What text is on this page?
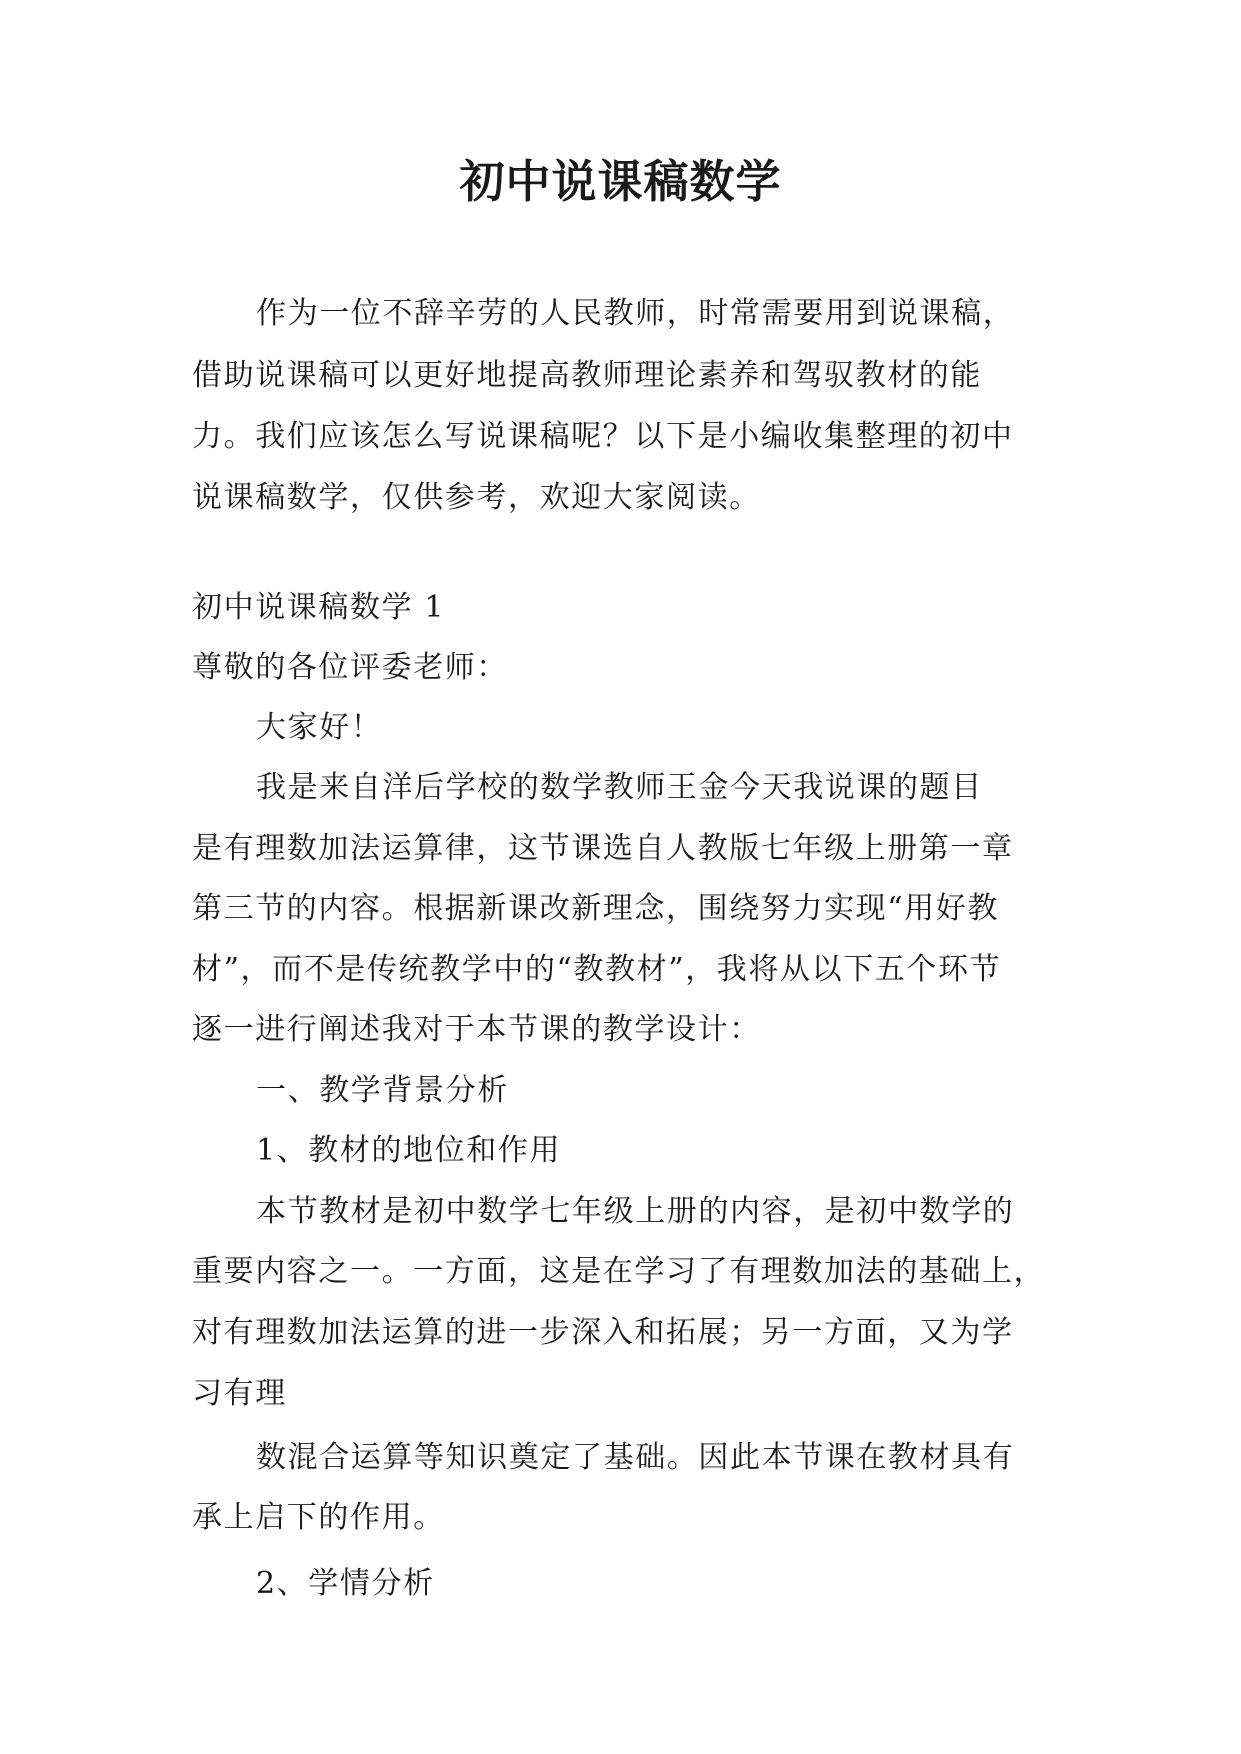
初中说课稿数学
作为一位不辞辛劳的人民教师，时常需要用到说课稿，
借助说课稿可以更好地提高教师理论素养和驾驭教材的能
力。我们应该怎么写说课稿呢？以下是小编收集整理的初中
说课稿数学，仅供参考，欢迎大家阅读。
初中说课稿数学 1
尊敬的各位评委老师：
大家好！
我是来自洋后学校的数学教师王金今天我说课的题目
是有理数加法运算律，这节课选自人教版七年级上册第一章
第三节的内容。根据新课改新理念，围绕努力实现“用好教
材”，而不是传统教学中的“教教材”，我将从以下五个环节
逐一进行阐述我对于本节课的教学设计：
一、教学背景分析
1、教材的地位和作用
本节教材是初中数学七年级上册的内容，是初中数学的
重要内容之一。一方面，这是在学习了有理数加法的基础上，
对有理数加法运算的进一步深入和拓展；另一方面，又为学
习有理
数混合运算等知识奠定了基础。因此本节课在教材具有
承上启下的作用。
2、学情分析
